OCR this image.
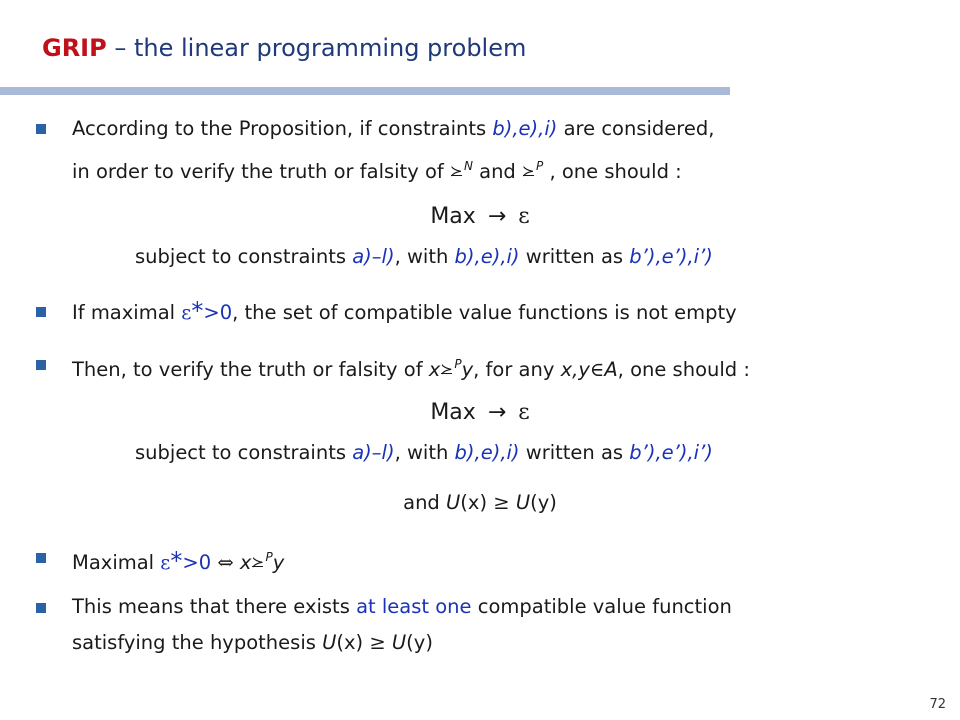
GRIP – the linear programming problem
According to the Proposition, if constraints b),e),i) are considered,
in order to verify the truth or falsity of $^N$ and $^P$ , one should :
Max → ε
subject to constraints a)–l), with b),e),i) written as b’),e’),i’)
If maximal ε*>0, the set of compatible value functions is not empty
Then, to verify the truth or falsity of x $^P$y, for any x,y∈A, one should :
Max → ε
subject to constraints a)–l), with b),e),i) written as b’),e’),i’)
and U(x) ≥ U(y)
Maximal ε*>0 ⇔ x $^P$y
This means that there exists at least one compatible value function
satisfying the hypothesis U(x) ≥ U(y)
72
